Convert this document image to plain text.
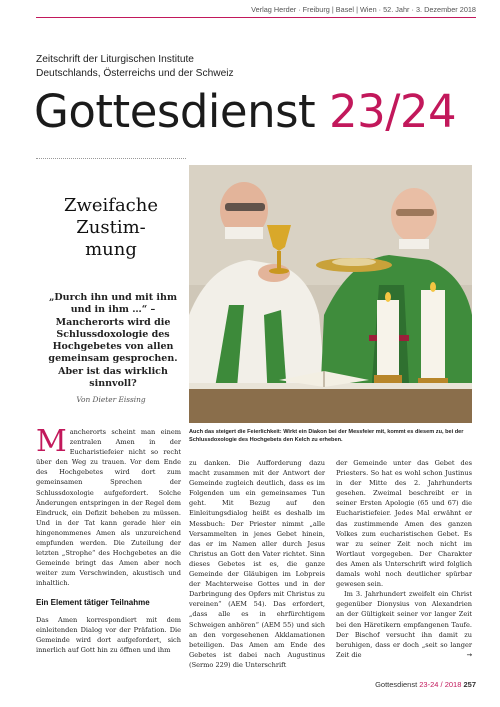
Verlag Herder · Freiburg | Basel | Wien · 52. Jahr · 3. Dezember 2018
Zeitschrift der Liturgischen Institute
Deutschlands, Österreichs und der Schweiz
Gottesdienst 23/24
Zweifache
Zustim-
mung
„Durch ihn und mit ihm und in ihm …“ – Mancherorts wird die Schlussdoxologie des Hochgebetes von allen gemeinsam gesprochen. Aber ist das wirklich sinnvoll?
Von Dieter Eissing
Auch das steigert die Feierlichkeit: Wirkt ein Diakon bei der Messfeier mit, kommt es diesem zu, bei der Schlussdoxologie des Hochgebets den Kelch zu erheben.

Mancherorts scheint man einem zentralen Amen in der Eucharistiefeier nicht so recht über den Weg zu trauen. Vor dem Ende des Hochgebetes wird dort zum gemeinsamen Sprechen der Schlussdoxologie aufgefordert. Solche Änderungen entspringen in der Regel dem Eindruck, ein Defizit beheben zu müssen. Und in der Tat kann gerade hier ein hingenommenes Amen als unzureichend empfunden werden. Die Zuteilung der letzten „Strophe“ des Hochgebetes an die Gemeinde bringt das Amen aber noch weiter zum Verschwinden, akustisch und inhaltlich.

Ein Element tätiger Teilnahme

Das Amen korrespondiert mit dem einleitenden Dialog vor der Präfation. Die Gemeinde wird dort aufgefordert, sich innerlich auf Gott hin zu öffnen und ihm

zu danken. Die Aufforderung dazu macht zusammen mit der Antwort der Gemeinde zugleich deutlich, dass es im Folgenden um ein gemeinsames Tun geht. Mit Bezug auf den Einleitungsdialog heißt es deshalb im Messbuch: Der Priester nimmt „alle Versammelten in jenes Gebet hinein, das er im Namen aller durch Jesus Christus an Gott den Vater richtet. Sinn dieses Gebetes ist es, die ganze Gemeinde der Gläubigen im Lobpreis der Machterweise Gottes und in der Darbringung des Opfers mit Christus zu vereinen“ (AEM 54). Das erfordert, „dass alle es in ehrfürchtigem Schweigen anhören“ (AEM 55) und sich an den vorgesehenen Akklamationen beteiligen. Das Amen am Ende des Gebetes ist dabei nach Augustinus (Sermo 229) die Unterschrift

der Gemeinde unter das Gebet des Priesters. So hat es wohl schon Justinus in der Mitte des 2. Jahrhunderts gesehen. Zweimal beschreibt er in seiner Ersten Apologie (65 und 67) die Eucharistiefeier. Jedes Mal erwähnt er das zustimmende Amen des ganzen Volkes zum eucharistischen Gebet. Es war zu seiner Zeit noch nicht im Wortlaut vorgegeben. Der Charakter des Amen als Unterschrift wird folglich damals wohl noch deutlicher spürbar gewesen sein.

Im 3. Jahrhundert zweifelt ein Christ gegenüber Dionysius von Alexandrien an der Gültigkeit seiner vor langer Zeit bei den Häretikern empfangenen Taufe. Der Bischof versucht ihn damit zu beruhigen, dass er doch „seit so langer Zeit die	→

Gottesdienst 23-24 / 2018 257
